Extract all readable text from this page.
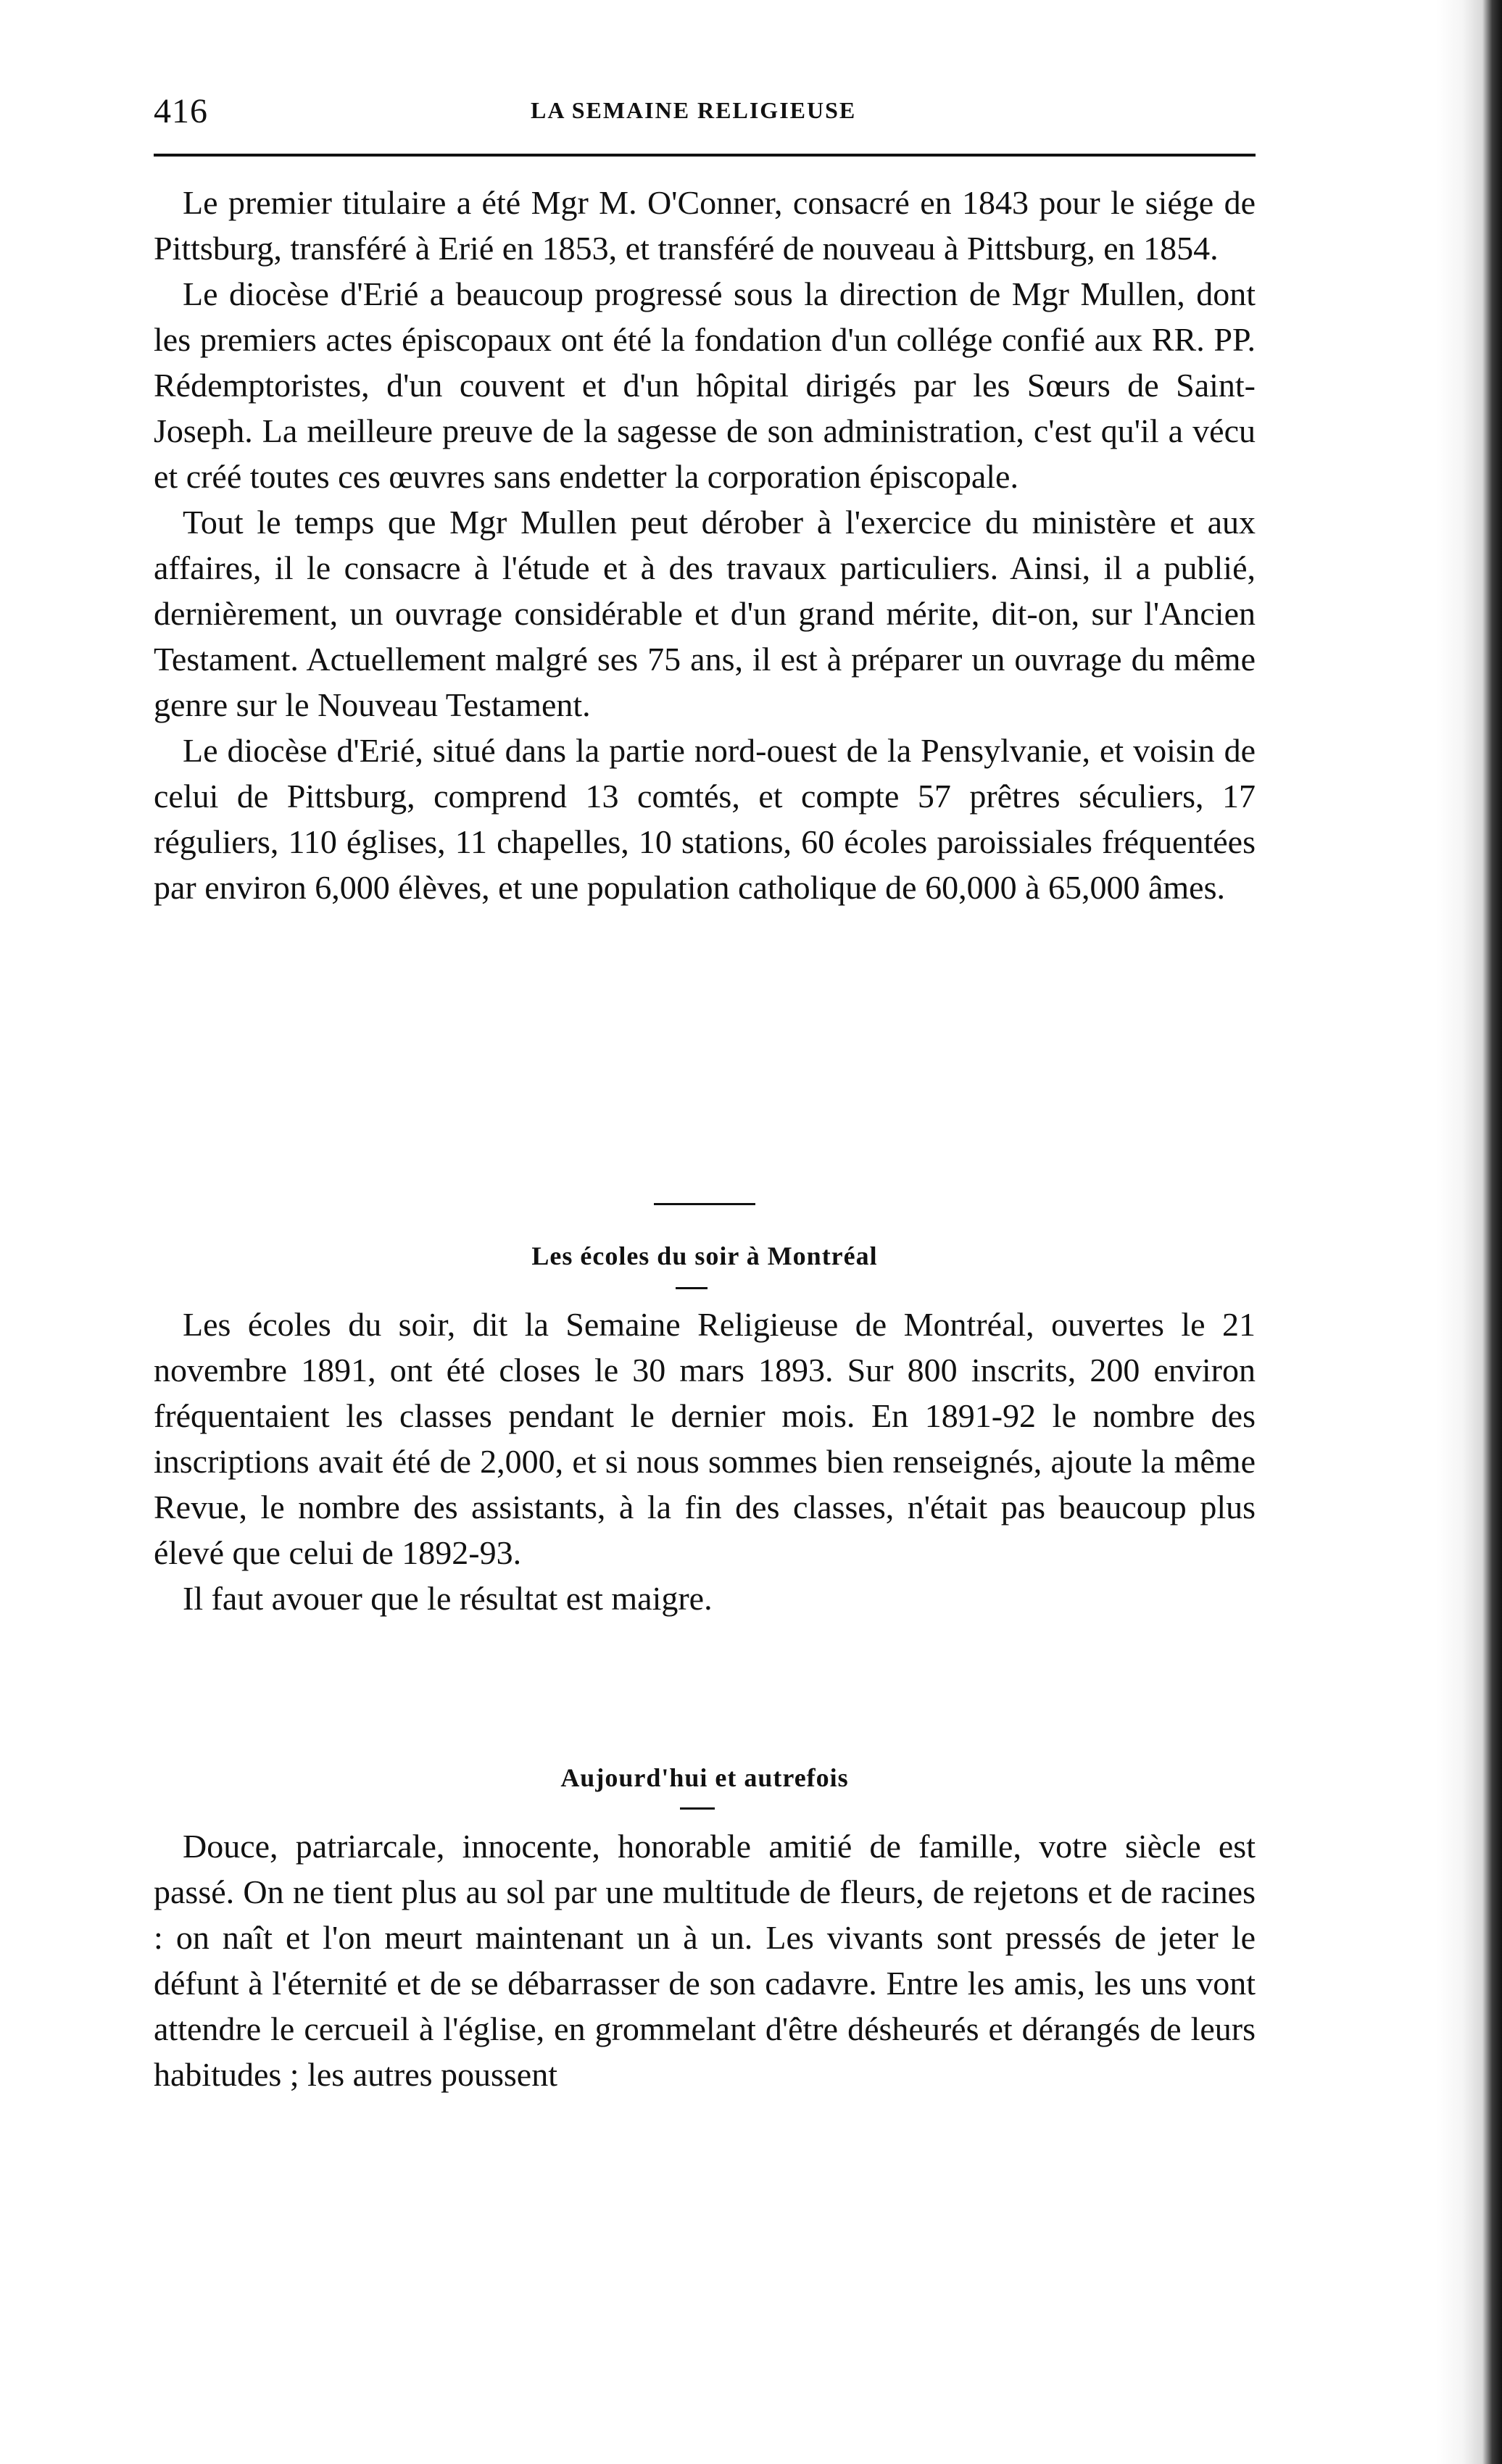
416	LA SEMAINE RELIGIEUSE

Le premier titulaire a été Mgr M. O'Conner, consacré en 1843 pour le siége de Pittsburg, transféré à Erié en 1853, et transféré de nouveau à Pittsburg, en 1854.

Le diocèse d'Erié a beaucoup progressé sous la direction de Mgr Mullen, dont les premiers actes épiscopaux ont été la fondation d'un collége confié aux RR. PP. Rédemptoristes, d'un couvent et d'un hôpital dirigés par les Sœurs de Saint-Joseph. La meilleure preuve de la sagesse de son administration, c'est qu'il a vécu et créé toutes ces œuvres sans endetter la corporation épiscopale.

Tout le temps que Mgr Mullen peut dérober à l'exercice du ministère et aux affaires, il le consacre à l'étude et à des travaux particuliers. Ainsi, il a publié, dernièrement, un ouvrage considérable et d'un grand mérite, dit-on, sur l'Ancien Testament. Actuellement malgré ses 75 ans, il est à préparer un ouvrage du même genre sur le Nouveau Testament.

Le diocèse d'Erié, situé dans la partie nord-ouest de la Pensylvanie, et voisin de celui de Pittsburg, comprend 13 comtés, et compte 57 prêtres séculiers, 17 réguliers, 110 églises, 11 chapelles, 10 stations, 60 écoles paroissiales fréquentées par environ 6,000 élèves, et une population catholique de 60,000 à 65,000 âmes.

Les écoles du soir à Montréal

Les écoles du soir, dit la Semaine Religieuse de Montréal, ouvertes le 21 novembre 1891, ont été closes le 30 mars 1893. Sur 800 inscrits, 200 environ fréquentaient les classes pendant le dernier mois. En 1891-92 le nombre des inscriptions avait été de 2,000, et si nous sommes bien renseignés, ajoute la même Revue, le nombre des assistants, à la fin des classes, n'était pas beaucoup plus élevé que celui de 1892-93.

Il faut avouer que le résultat est maigre.

Aujourd'hui et autrefois

Douce, patriarcale, innocente, honorable amitié de famille, votre siècle est passé. On ne tient plus au sol par une multitude de fleurs, de rejetons et de racines : on naît et l'on meurt maintenant un à un. Les vivants sont pressés de jeter le défunt à l'éternité et de se débarrasser de son cadavre. Entre les amis, les uns vont attendre le cercueil à l'église, en grommelant d'être désheurés et dérangés de leurs habitudes ; les autres poussent
